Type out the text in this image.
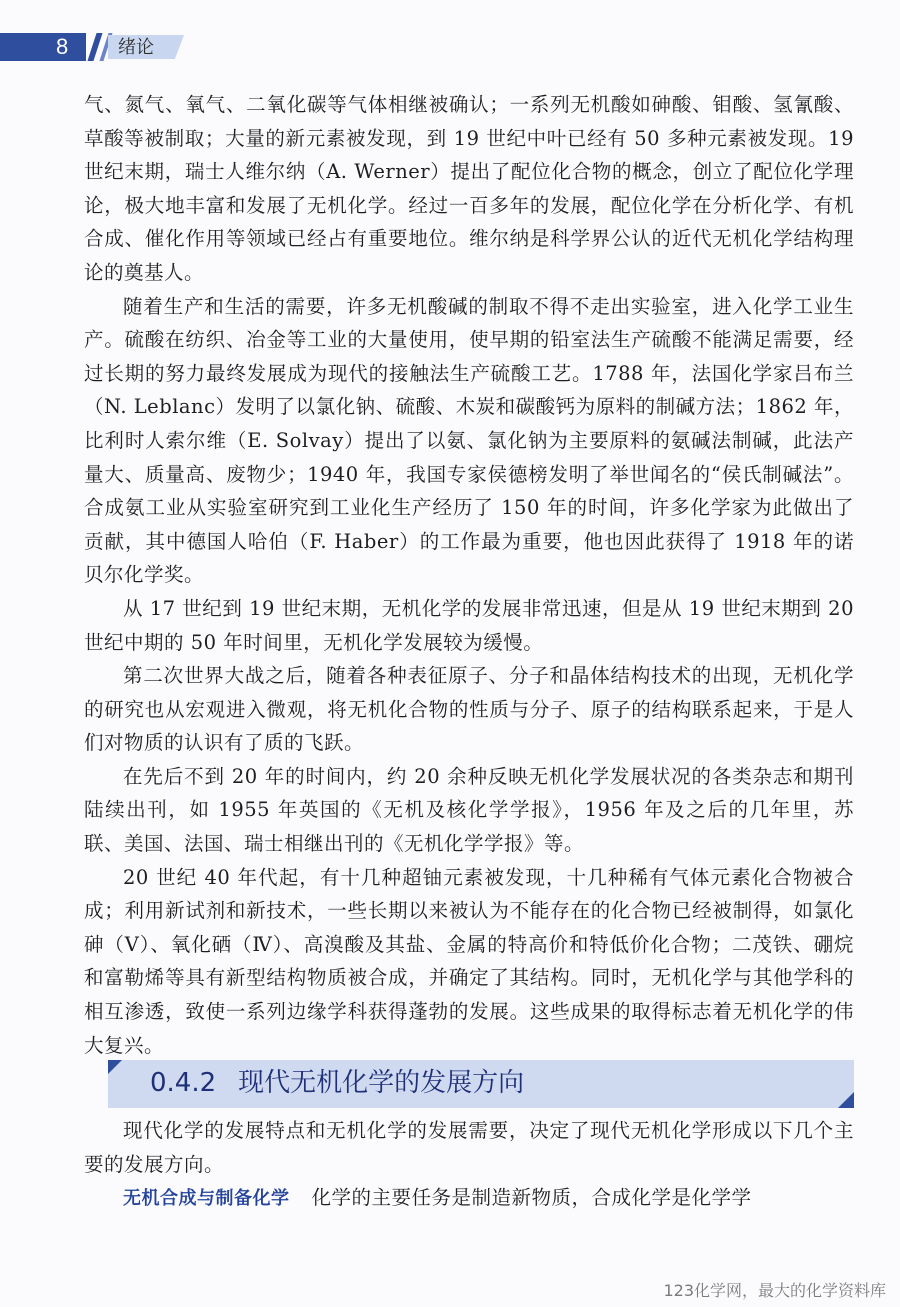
8	绪论

气、氮气、氧气、二氧化碳等气体相继被确认；一系列无机酸如砷酸、钼酸、氢氰酸、草酸等被制取；大量的新元素被发现，到 19 世纪中叶已经有 50 多种元素被发现。19 世纪末期，瑞士人维尔纳（A. Werner）提出了配位化合物的概念，创立了配位化学理论，极大地丰富和发展了无机化学。经过一百多年的发展，配位化学在分析化学、有机合成、催化作用等领域已经占有重要地位。维尔纳是科学界公认的近代无机化学结构理论的奠基人。

随着生产和生活的需要，许多无机酸碱的制取不得不走出实验室，进入化学工业生产。硫酸在纺织、冶金等工业的大量使用，使早期的铅室法生产硫酸不能满足需要，经过长期的努力最终发展成为现代的接触法生产硫酸工艺。1788 年，法国化学家吕布兰（N. Leblanc）发明了以氯化钠、硫酸、木炭和碳酸钙为原料的制碱方法；1862 年，比利时人索尔维（E. Solvay）提出了以氨、氯化钠为主要原料的氨碱法制碱，此法产量大、质量高、废物少；1940 年，我国专家侯德榜发明了举世闻名的“侯氏制碱法”。合成氨工业从实验室研究到工业化生产经历了 150 年的时间，许多化学家为此做出了贡献，其中德国人哈伯（F. Haber）的工作最为重要，他也因此获得了 1918 年的诺贝尔化学奖。

从 17 世纪到 19 世纪末期，无机化学的发展非常迅速，但是从 19 世纪末期到 20 世纪中期的 50 年时间里，无机化学发展较为缓慢。

第二次世界大战之后，随着各种表征原子、分子和晶体结构技术的出现，无机化学的研究也从宏观进入微观，将无机化合物的性质与分子、原子的结构联系起来，于是人们对物质的认识有了质的飞跃。

在先后不到 20 年的时间内，约 20 余种反映无机化学发展状况的各类杂志和期刊陆续出刊，如 1955 年英国的《无机及核化学学报》，1956 年及之后的几年里，苏联、美国、法国、瑞士相继出刊的《无机化学学报》等。

20 世纪 40 年代起，有十几种超铀元素被发现，十几种稀有气体元素化合物被合成；利用新试剂和新技术，一些长期以来被认为不能存在的化合物已经被制得，如氯化砷（Ⅴ）、氧化硒（Ⅳ）、高溴酸及其盐、金属的特高价和特低价化合物；二茂铁、硼烷和富勒烯等具有新型结构物质被合成，并确定了其结构。同时，无机化学与其他学科的相互渗透，致使一系列边缘学科获得蓬勃的发展。这些成果的取得标志着无机化学的伟大复兴。

0.4.2 现代无机化学的发展方向

现代化学的发展特点和无机化学的发展需要，决定了现代无机化学形成以下几个主要的发展方向。

无机合成与制备化学 化学的主要任务是制造新物质，合成化学是化学学

123化学网，最大的化学资料库
